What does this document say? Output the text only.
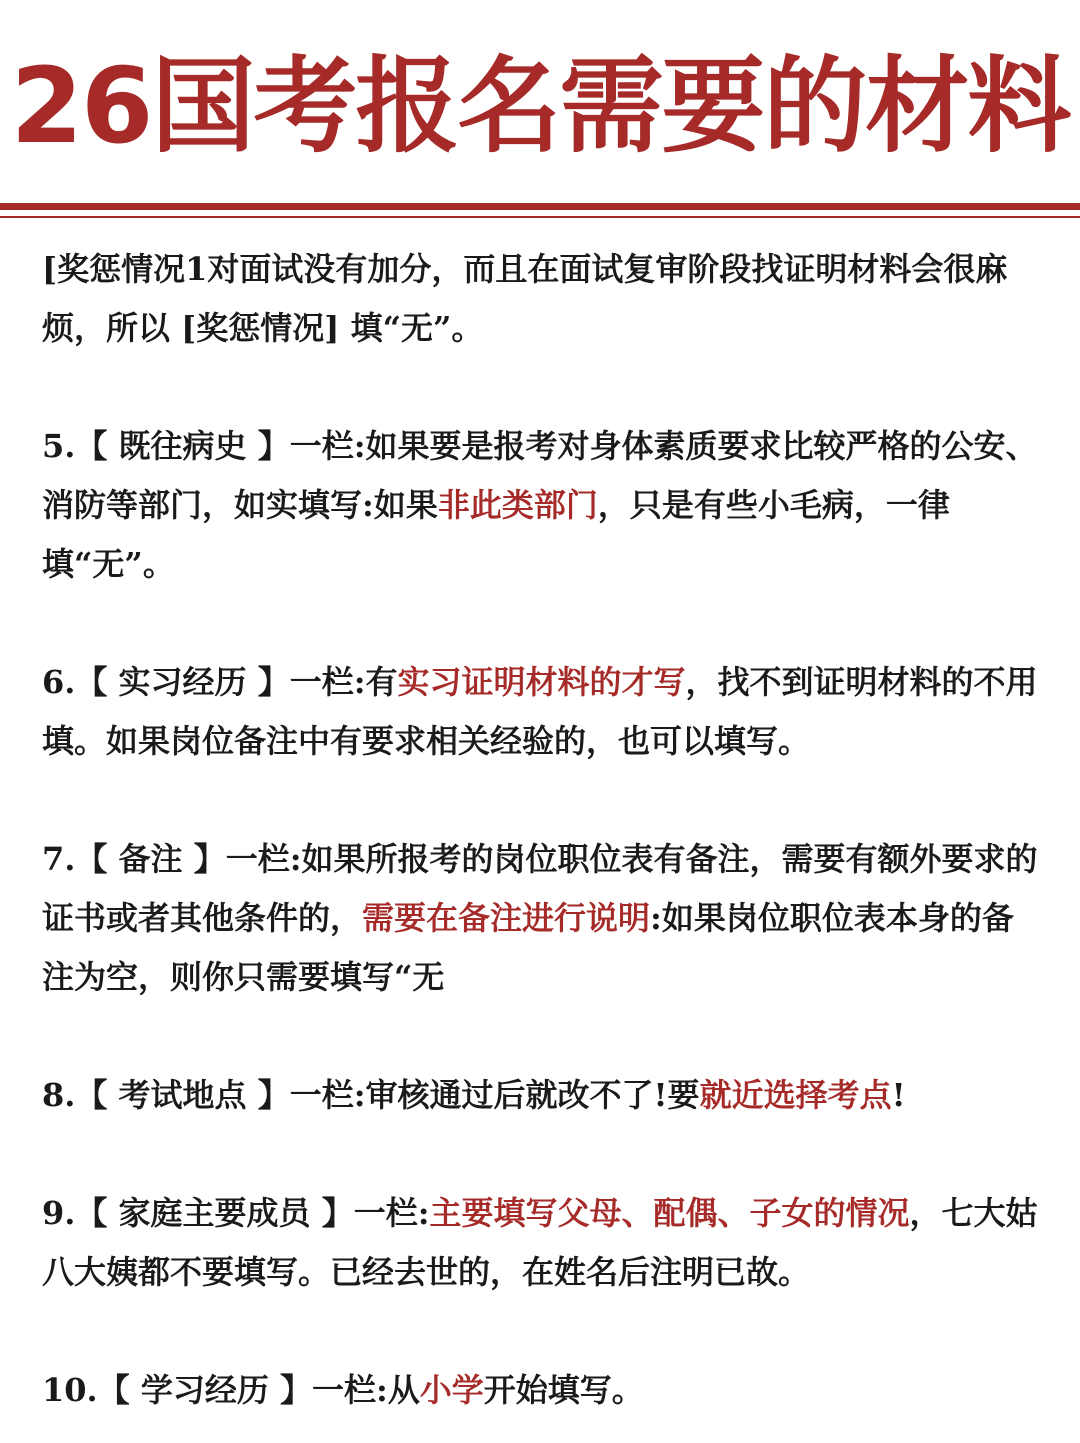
26国考报名需要的材料

[奖惩情况1对面试没有加分，而且在面试复审阶段找证明材料会很麻烦，所以 [奖惩情况] 填“无”。

5.【 既往病史 】一栏:如果要是报考对身体素质要求比较严格的公安、消防等部门，如实填写:如果非此类部门，只是有些小毛病，一律填“无”。

6.【 实习经历 】一栏:有实习证明材料的才写，找不到证明材料的不用填。如果岗位备注中有要求相关经验的，也可以填写。

7.【 备注 】一栏:如果所报考的岗位职位表有备注，需要有额外要求的证书或者其他条件的，需要在备注进行说明:如果岗位职位表本身的备注为空，则你只需要填写“无

8.【 考试地点 】一栏:审核通过后就改不了!要就近选择考点!

9.【 家庭主要成员 】一栏:主要填写父母、配偶、子女的情况，七大姑八大姨都不要填写。已经去世的，在姓名后注明已故。

10.【 学习经历 】一栏:从小学开始填写。
